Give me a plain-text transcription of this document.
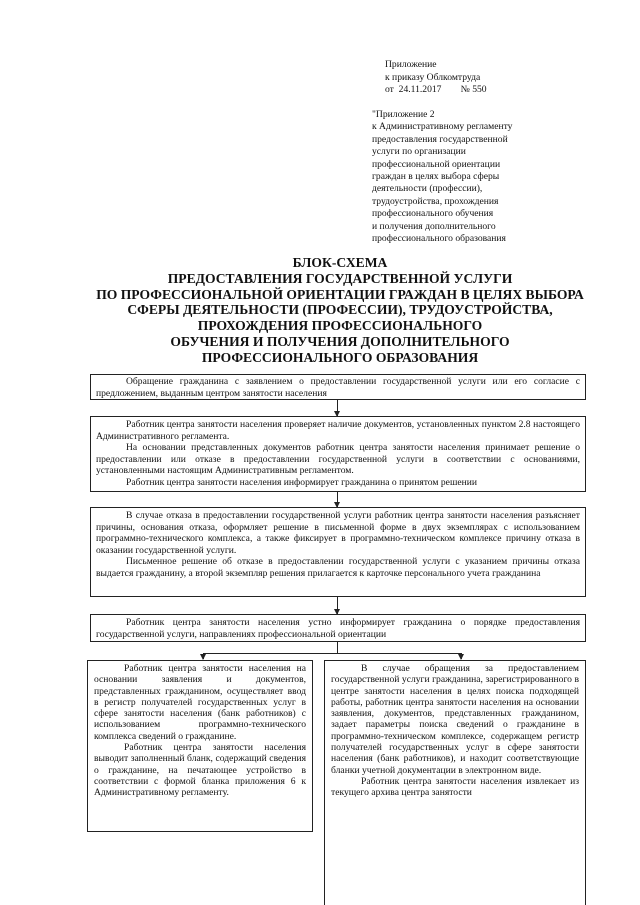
Приложение

к приказу Облкомтруда

от  24.11.2017        № 550

"Приложение 2

к Административному регламенту

предоставления государственной

услуги по организации

профессиональной ориентации

граждан в целях выбора сферы

деятельности (профессии),

трудоустройства, прохождения

профессионального обучения

и получения дополнительного

профессионального образования

БЛОК-СХЕМА

ПРЕДОСТАВЛЕНИЯ ГОСУДАРСТВЕННОЙ УСЛУГИ

ПО ПРОФЕССИОНАЛЬНОЙ ОРИЕНТАЦИИ ГРАЖДАН В ЦЕЛЯХ ВЫБОРА

СФЕРЫ ДЕЯТЕЛЬНОСТИ (ПРОФЕССИИ), ТРУДОУСТРОЙСТВА,

ПРОХОЖДЕНИЯ ПРОФЕССИОНАЛЬНОГО

ОБУЧЕНИЯ И ПОЛУЧЕНИЯ ДОПОЛНИТЕЛЬНОГО

ПРОФЕССИОНАЛЬНОГО ОБРАЗОВАНИЯ

Обращение гражданина с заявлением о предоставлении государственной услуги или его согласие с предложением, выданным центром занятости населения

Работник центра занятости населения проверяет наличие документов, установленных пунктом 2.8 настоящего Административного регламента.

На основании представленных документов работник центра занятости населения принимает решение о предоставлении или отказе в предоставлении государственной услуги в соответствии с основаниями, установленными настоящим Административным регламентом.

Работник центра занятости населения информирует гражданина о принятом решении

В случае отказа в предоставлении государственной услуги работник центра занятости населения разъясняет причины, основания отказа, оформляет решение в письменной форме в двух экземплярах с использованием программно-технического комплекса, а также фиксирует в программно-техническом комплексе причину отказа в оказании государственной услуги.

Письменное решение об отказе в предоставлении государственной услуги с указанием причины отказа выдается гражданину, а второй экземпляр решения прилагается к карточке персонального учета гражданина

Работник центра занятости населения устно информирует гражданина о порядке предоставления государственной услуги, направлениях профессиональной ориентации

Работник центра занятости населения на основании заявления и документов, представленных гражданином, осуществляет ввод в регистр получателей государственных услуг в сфере занятости населения (банк работников) с использованием программно-технического комплекса сведений о гражданине.

Работник центра занятости населения выводит заполненный бланк, содержащий сведения о гражданине, на печатающее устройство в соответствии с формой бланка приложения 6 к Административному регламенту.

В случае обращения за предоставлением государственной услуги гражданина, зарегистрированного в центре занятости населения в целях поиска подходящей работы, работник центра занятости населения на основании заявления, документов, представленных гражданином, задает параметры поиска сведений о гражданине в программно-техническом комплексе, содержащем регистр получателей государственных услуг в сфере занятости населения (банк работников), и находит соответствующие бланки учетной документации в электронном виде.

Работник центра занятости населения извлекает из текущего архива центра занятости
